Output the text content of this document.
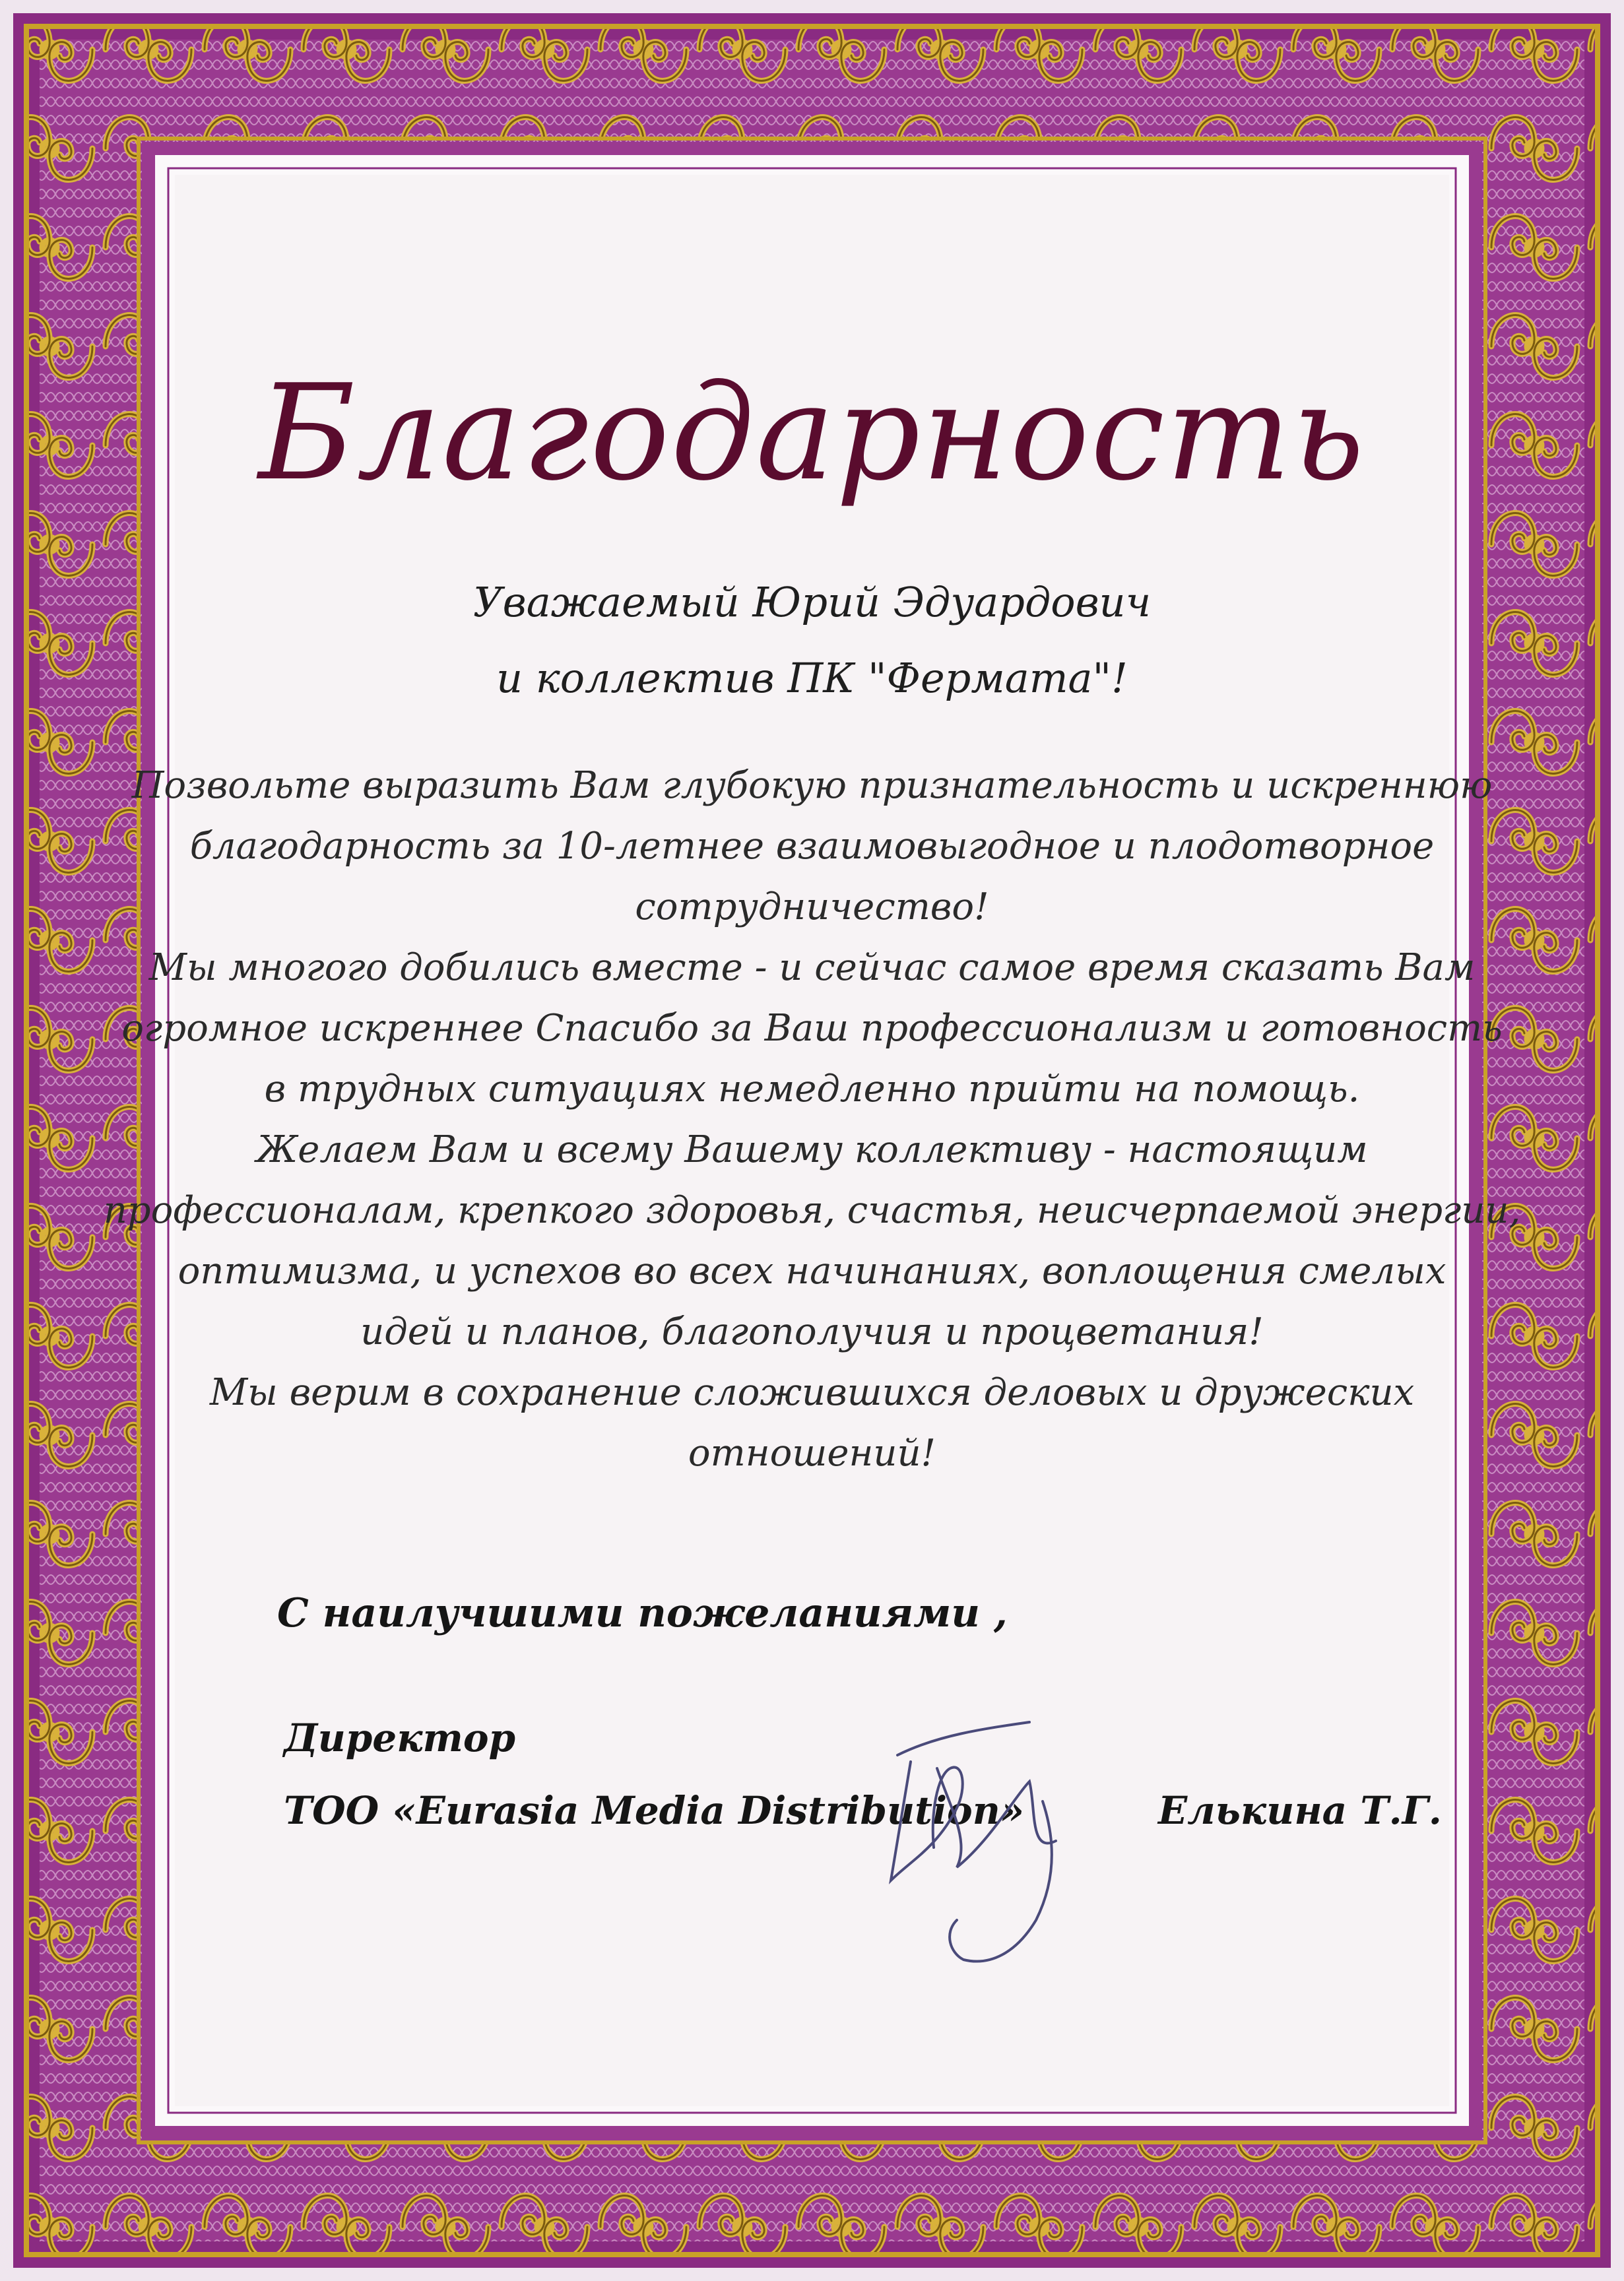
Благодарность
Уважаемый Юрий Эдуардович
и коллектив ПК "Фермата"!
Позвольте выразить Вам глубокую признательность и искреннюю
благодарность за 10-летнее взаимовыгодное и плодотворное
сотрудничество!
Мы многого добились вместе - и сейчас самое время сказать Вам
огромное искреннее Спасибо за Ваш профессионализм и готовность
в трудных ситуациях немедленно прийти на помощь.
Желаем Вам и всему Вашему коллективу - настоящим
профессионалам, крепкого здоровья, счастья, неисчерпаемой энергии,
оптимизма, и успехов во всех начинаниях, воплощения смелых
идей и планов, благополучия и процветания!
Мы верим в сохранение сложившихся деловых и дружеских
отношений!
С наилучшими пожеланиями ,
Директор
ТОО «Eurasia Media Distribution»	Елькина Т.Г.
